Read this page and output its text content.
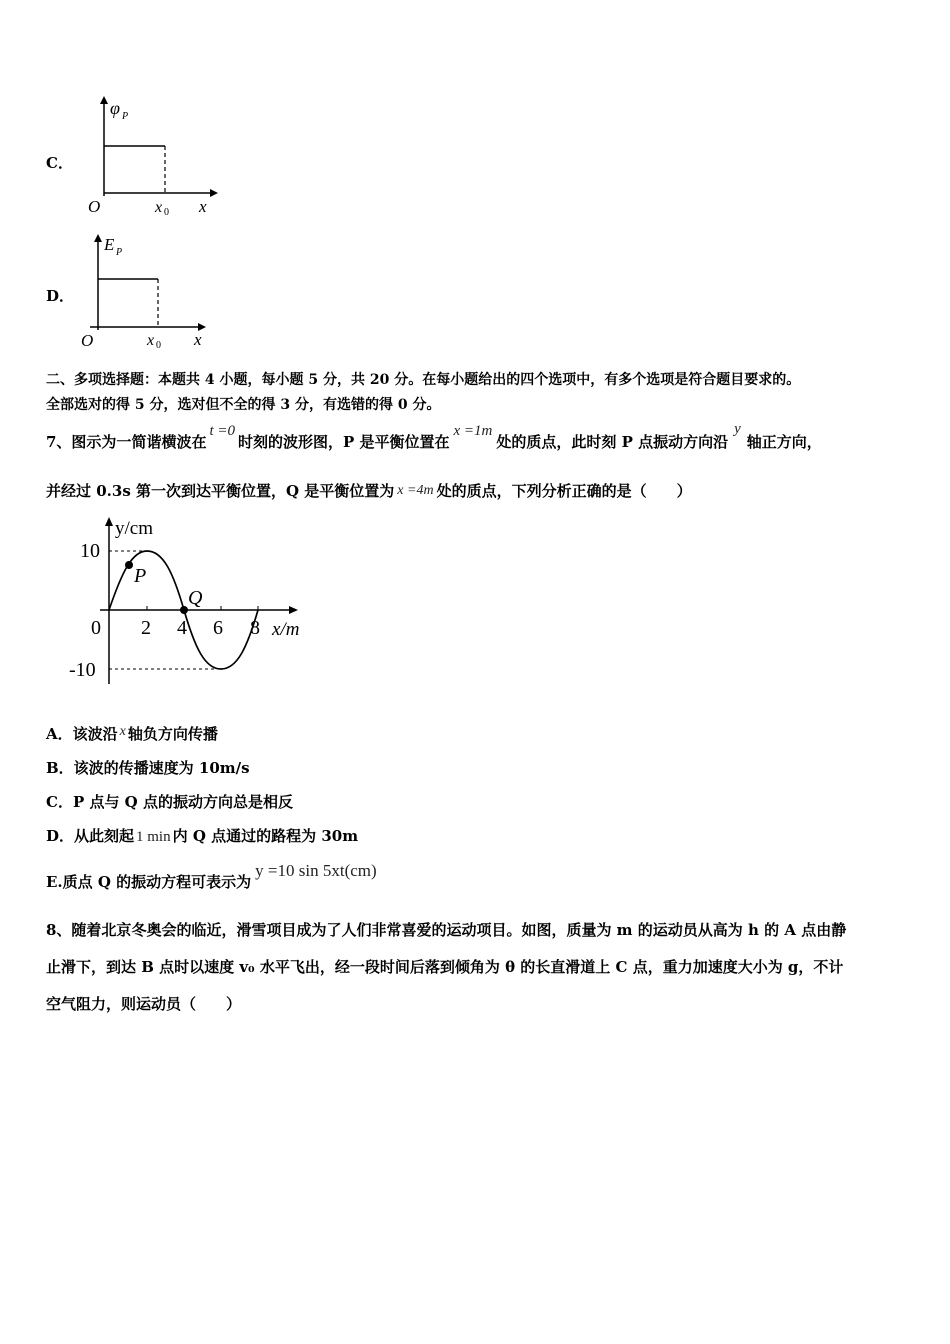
C．
φ P
O	x 0 x
D．
E P
O	x 0 x
二、多项选择题：本题共 4 小题，每小题 5 分，共 20 分。在每小题给出的四个选项中，有多个选项是符合题目要求的。
全部选对的得 5 分，选对但不全的得 3 分，有选错的得 0 分。
7、图示为一简谐横波在t =0时刻的波形图，P 是平衡位置在x =1m处的质点，此时刻 P 点振动方向沿y轴正方向，
并经过 0.3s 第一次到达平衡位置，Q 是平衡位置为 x =4m 处的质点，下列分析正确的是（　　）
P
Q
y/cm
x/m
10
-10
0 2 4 6 8
A．该波沿 x 轴负方向传播
B．该波的传播速度为 10m/s
C．P 点与 Q 点的振动方向总是相反
D．从此刻起 1 min 内 Q 点通过的路程为 30m
E.质点 Q 的振动方程可表示为y =10 sin 5xt(cm)
8、随着北京冬奥会的临近，滑雪项目成为了人们非常喜爱的运动项目。如图，质量为 m 的运动员从高为 h 的 A 点由静
止滑下，到达 B 点时以速度 v₀ 水平飞出，经一段时间后落到倾角为 θ 的长直滑道上 C 点，重力加速度大小为 g，不计
空气阻力，则运动员（　　）
